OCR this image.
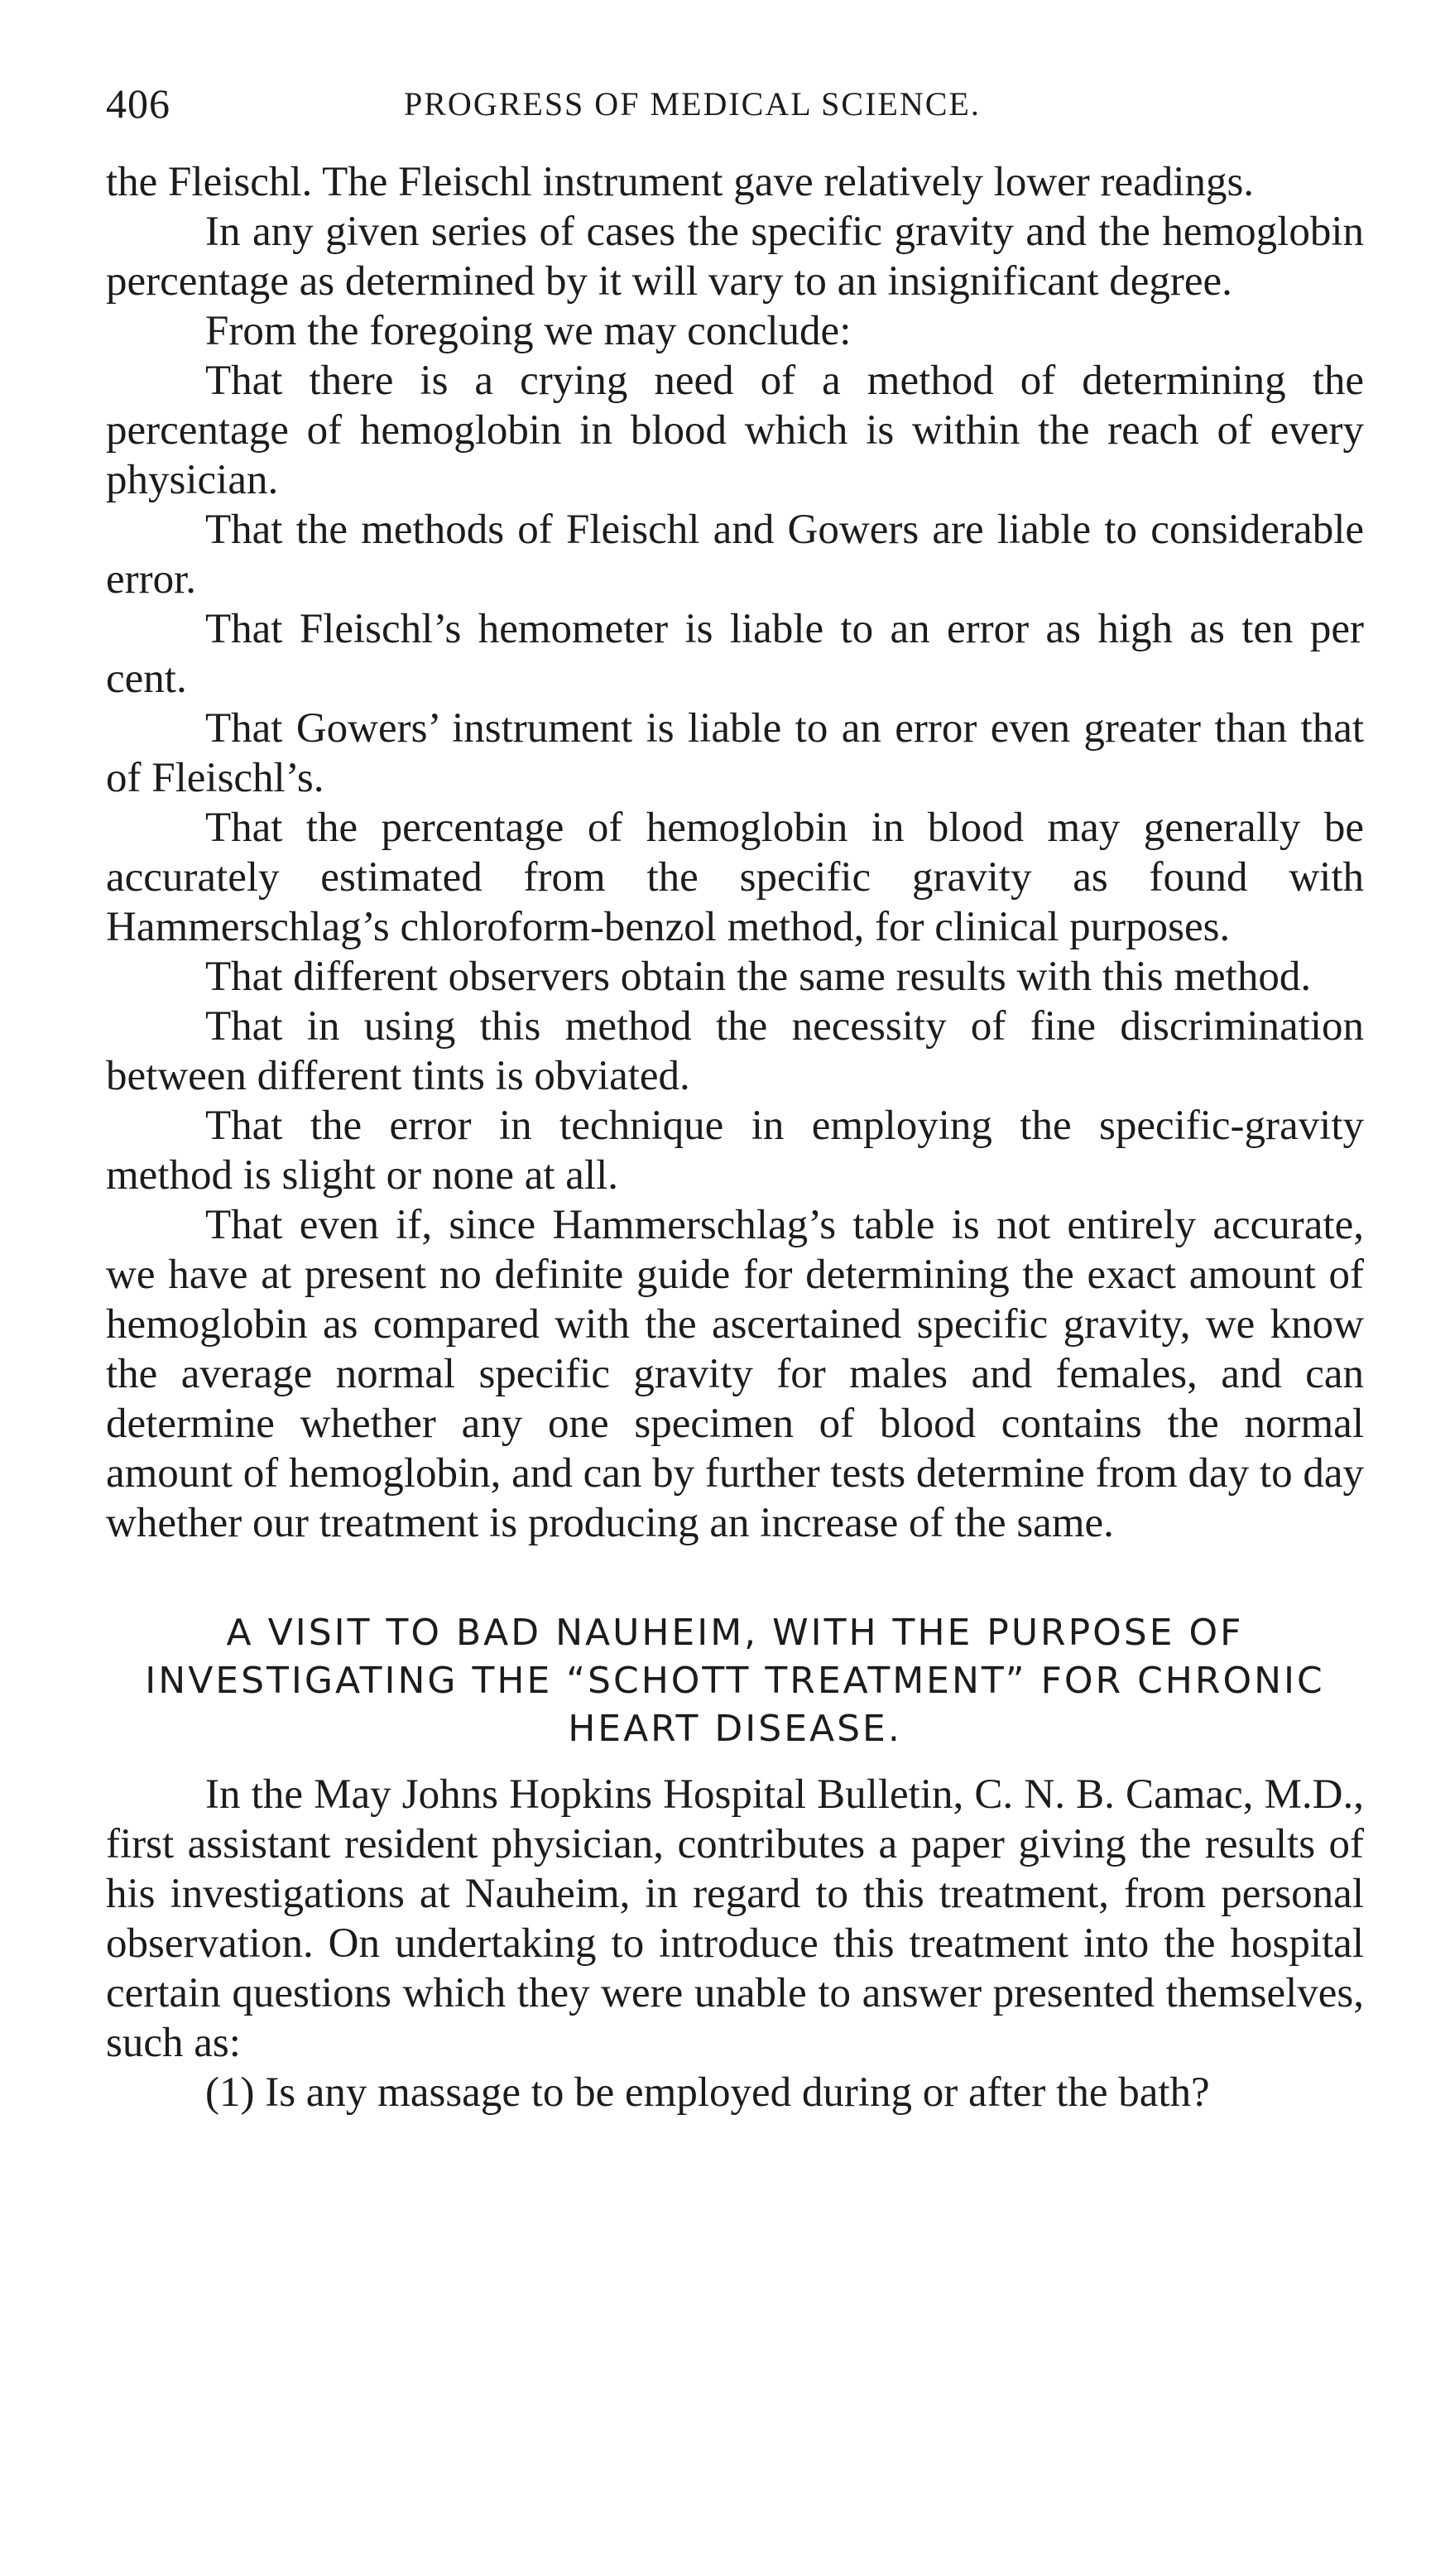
406	PROGRESS OF MEDICAL SCIENCE.

the Fleischl. The Fleischl instrument gave relatively lower readings.

In any given series of cases the specific gravity and the hemoglobin percentage as determined by it will vary to an insignificant degree.

From the foregoing we may conclude:

That there is a crying need of a method of determining the percentage of hemoglobin in blood which is within the reach of every physician.

That the methods of Fleischl and Gowers are liable to considerable error.

That Fleischl’s hemometer is liable to an error as high as ten per cent.

That Gowers’ instrument is liable to an error even greater than that of Fleischl’s.

That the percentage of hemoglobin in blood may generally be accurately estimated from the specific gravity as found with Hammerschlag’s chloroform-benzol method, for clinical purposes.

That different observers obtain the same results with this method.

That in using this method the necessity of fine discrimination between different tints is obviated.

That the error in technique in employing the specific-gravity method is slight or none at all.

That even if, since Hammerschlag’s table is not entirely accurate, we have at present no definite guide for determining the exact amount of hemoglobin as compared with the ascertained specific gravity, we know the average normal specific gravity for males and females, and can determine whether any one specimen of blood contains the normal amount of hemoglobin, and can by further tests determine from day to day whether our treatment is producing an increase of the same.

A VISIT TO BAD NAUHEIM, WITH THE PURPOSE OF INVESTIGATING THE “SCHOTT TREATMENT” FOR CHRONIC HEART DISEASE.

In the May Johns Hopkins Hospital Bulletin, C. N. B. Camac, M.D., first assistant resident physician, contributes a paper giving the results of his investigations at Nauheim, in regard to this treatment, from personal observation. On undertaking to introduce this treatment into the hospital certain questions which they were unable to answer presented themselves, such as:

(1) Is any massage to be employed during or after the bath?
